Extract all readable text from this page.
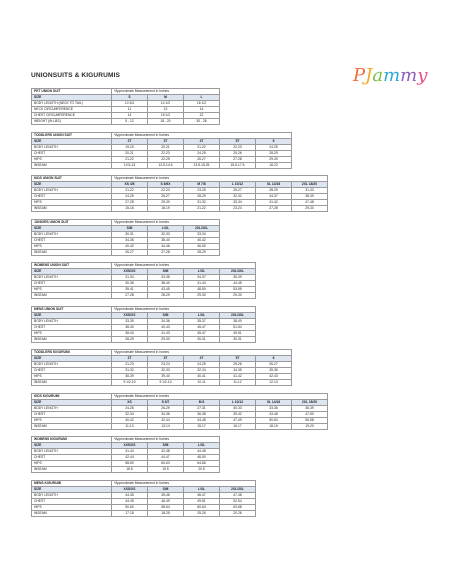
UNIONSUITS & KIGURUMIS	PJammy
PET UNION SUIT	*Approximate Measurement in Inches		
SIZE	S	M	L
BODY LENGTH (NECK TO TAIL)	10 3/4	14 1/2	18 1/2
NECK CIRCUMFERENCE	11	13	14
CHEST CIRCUMFERENCE	14	18 1/2	22
WEIGHT (IN LBS)	5 - 12	18 - 20	30 - 28
TODDLERS UNION SUIT	*Approximate Measurement in Inches				
SIZE	2T	3T	4T	5T	6
BODY LENGTH	19-20	20-21	21-22	22-23	24-25
CHEST	20-21	22-23	24-25	25-26	28-29
HIPS	21-22	22-25	26-27	27-28	29-30
INSEAM	10.5-13	12.5-14.5	13.5-15.25	15.5-17.5	18-22
KIDS UNION SUIT	*Approximate Measurement in Inches					
SIZE	XS 4/5	S 6/6X	M 7/8	L 10/12	XL 14/16	2XL 18/20
BODY LENGTH	21-22	22-23	23-25	25-27	28-29	31-33
CHEST	24-25	26-27	28-29	32-32	34-37	38-39
HIPS	27-28	29-30	31-32	33-34	41-42	47-48
INSEAM	15-16	18-19	21-22	23-24	27-28	29-30
JUNIORS UNION SUIT	*Approximate Measurement in Inches		
SIZE	S/M	L/XL	2XL/3XL
BODY LENGTH	30-31	32-33	33-34
CHEST	34-36	38-40	40-42
HIPS	40-42	44-46	46-50
INSEAM	26-27	27-28	28-29
WOMENS UNION SUIT	*Approximate Measurement in Inches			
SIZE	XXS/XS	S/M	L/XL	2XL/3XL
BODY LENGTH	31-34	33-35	34-37	35-39
CHEST	30-36	38-40	41-44	44-45
HIPS	39-41	43-45	48-50	53-55
INSEAM	27-28	28-29	29-30	29-30
MENS UNION SUIT	*Approximate Measurement in Inches			
SIZE	XXS/XS	S/M	L/XL	2XL/3XL
BODY LENGTH	33-35	34-36	35-37	38-40
CHEST	38-40	40-43	45-47	51-54
HIPS	38-40	41-43	45-47	49-51
INSEAM	28-29	29-30	30-31	30-31
TODDLERS KIGURUMI	*Approximate Measurement in Inches				
SIZE	2T	3T	4T	5T	6
BODY LENGTH	21-23	23-24	24-25	25-26	26-27
CHEST	31-32	32-33	32-34	34-35	35-36
HIPS	38-39	39-40	40-41	41-42	42-43
INSEAM	9 1/2-10	9 1/2-10	10-11	11-12	12-13
KIDS KIGURUMI	*Approximate Measurement in Inches					
SIZE	XS	S 6/7	M 8	L 10/12	XL 14/16	2XL 18/20
BODY LENGTH	24-26	26-29	27-31	30-33	33-36	36-39
CHEST	32-34	34-36	36-38	39-42	43-46	47-50
HIPS	40-42	42-44	44-46	47-49	50-54	55-58
INSEAM	11-13	13-14	15-17	16-17	18-19	19-20
WOMENS KIGURUMI	*Approximate Measurement in Inches		
SIZE	XXS/XS	S/M	L/XL
BODY LENGTH	41-44	42-48	44-48
CHEST	42-44	44-47	46-50
HIPS	58-60	60-63	64-66
INSEAM	18.5	19.5	20.5
MENS KIGURUMI	*Approximate Measurement in Inches			
SIZE	XXS/XS	S/M	L/XL	2XL/3XL
BODY LENGTH	44-45	45-46	46-47	47-48
CHEST	44-45	46-49	49-51	52-54
HIPS	50-60	58-64	60-64	63-68
INSEAM	17-18	18-25	25-26	20-26
